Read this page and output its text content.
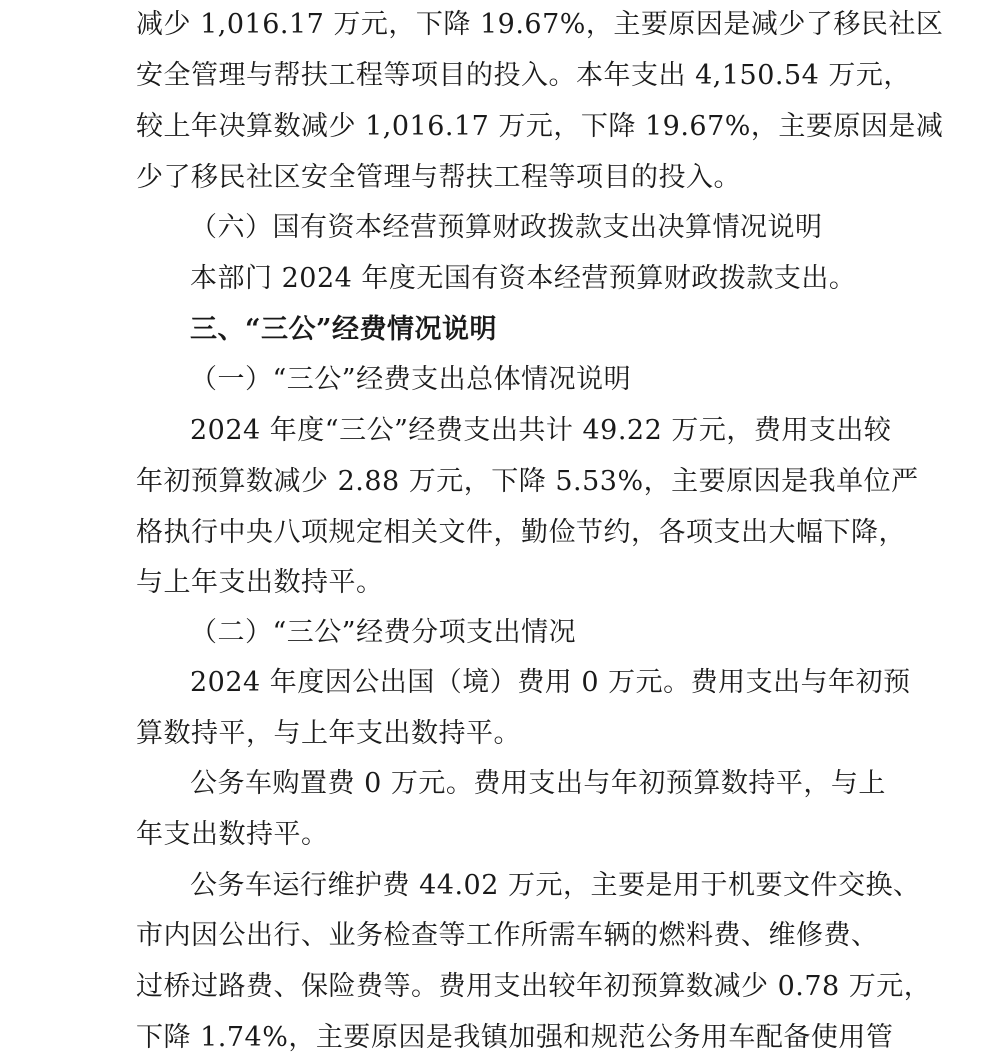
减少 1,016.17 万元，下降 19.67%，主要原因是减少了移民社区
安全管理与帮扶工程等项目的投入。本年支出 4,150.54 万元，
较上年决算数减少 1,016.17 万元，下降 19.67%，主要原因是减
少了移民社区安全管理与帮扶工程等项目的投入。
（六）国有资本经营预算财政拨款支出决算情况说明
本部门 2024 年度无国有资本经营预算财政拨款支出。
三、“三公”经费情况说明
（一）“三公”经费支出总体情况说明
2024 年度“三公”经费支出共计 49.22 万元，费用支出较
年初预算数减少 2.88 万元，下降 5.53%，主要原因是我单位严
格执行中央八项规定相关文件，勤俭节约，各项支出大幅下降，
与上年支出数持平。
（二）“三公”经费分项支出情况
2024 年度因公出国（境）费用 0 万元。费用支出与年初预
算数持平，与上年支出数持平。
公务车购置费 0 万元。费用支出与年初预算数持平，与上
年支出数持平。
公务车运行维护费 44.02 万元，主要是用于机要文件交换、
市内因公出行、业务检查等工作所需车辆的燃料费、维修费、
过桥过路费、保险费等。费用支出较年初预算数减少 0.78 万元，
下降 1.74%，主要原因是我镇加强和规范公务用车配备使用管
